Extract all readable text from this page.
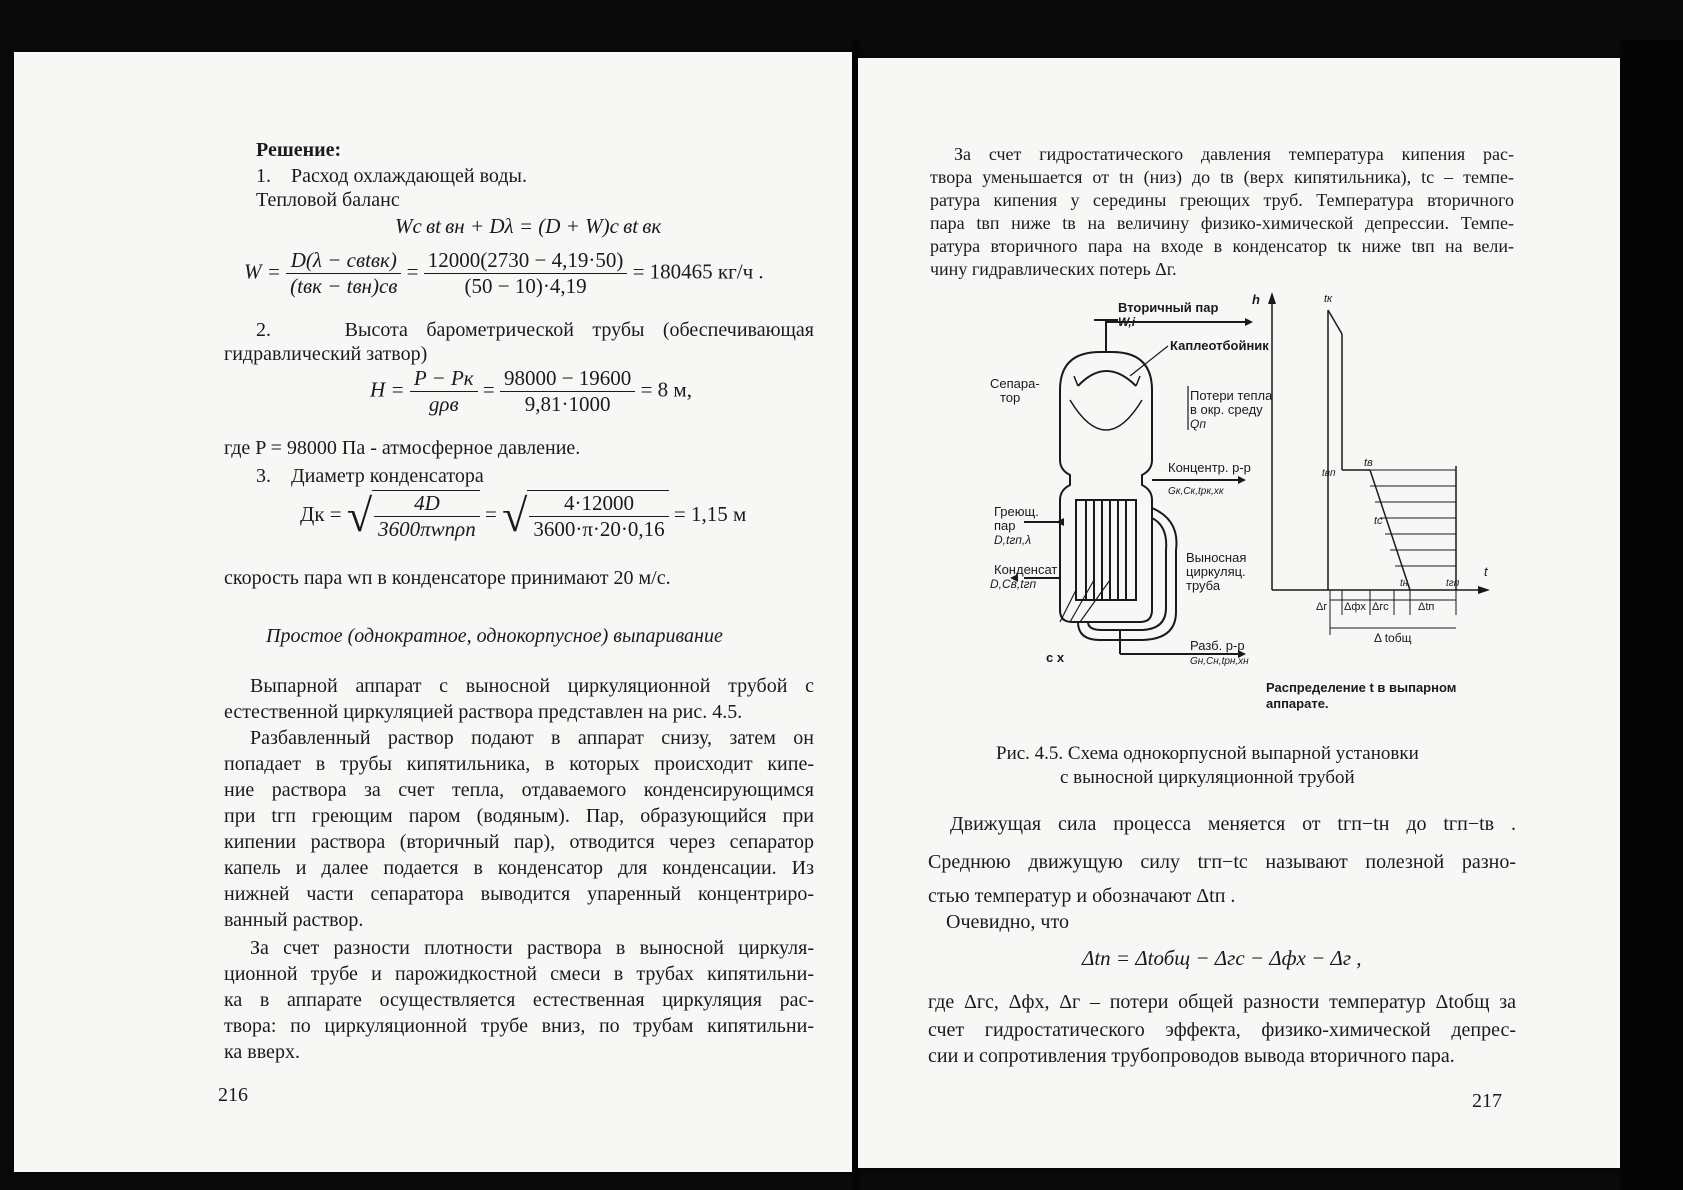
Решение:
1.    Расход охлаждающей воды.
Тепловой баланс
Wc вt вн + Dλ = (D + W)c вt вк
$W = \frac{\text{D(λ − cвtвк)}}{\text{(tвк − tвн)cв}} = \frac{12000(2730 - 4,19\cdot 50)}{(50 - 10)\cdot 4,19} = 180465$ кг/ч .
2.    Высота барометрической трубы (обеспечивающая
гидравлический затвор)
$H = \frac{P - Pк}{\text{gρв}} = \frac{98000 - 19600}{9,81\cdot 1000} = 8$ м,
где P = 98000 Па - атмосферное давление.
3.    Диаметр конденсатора
Дк = √ $\frac{4D}{\text{3600πwпρп}}$ = √ $\frac{4\cdot 12000}{3600\cdot\pi\cdot 20\cdot 0,16} = 1,15$ м
скорость пара wп в конденсаторе принимают 20 м/с.
Простое (однократное, однокорпусное) выпаривание
Выпарной аппарат с выносной циркуляционной трубой с
естественной циркуляцией раствора представлен на рис. 4.5.
Разбавленный раствор подают в аппарат снизу, затем он
попадает в трубы кипятильника, в которых происходит кипе-
ние раствора за счет тепла, отдаваемого конденсирующимся
при tгп греющим паром (водяным). Пар, образующийся при
кипении раствора (вторичный пар), отводится через сепаратор
капель и далее подается в конденсатор для конденсации. Из
нижней части сепаратора выводится упаренный концентриро-
ванный раствор.
За счет разности плотности раствора в выносной циркуля-
ционной трубе и парожидкостной смеси в трубах кипятильни-
ка в аппарате осуществляется естественная циркуляция рас-
твора: по циркуляционной трубе вниз, по трубам кипятильни-
ка вверх.
216
За счет гидростатического давления температура кипения рас-
твора уменьшается от tн (низ) до tв (верх кипятильника), tс – темпе-
ратура кипения у середины греющих труб. Температура вторичного
пара tвп ниже tв на величину физико-химической депрессии. Темпе-
ратура вторичного пара на входе в конденсатор tк ниже tвп на вели-
чину гидравлических потерь Δг.
Вторичный пар
W,i
Каплеотбойник
Сепара-
тор	Потери тепла
в окр. среду
Qп
Концентр. р-р
Gк,Cк,tрк,xк
Греющ.
пар
D,tгп,λ
Конденсат
D,Cв,tгп
Выносная
циркуляц.
труба
Разб. р-р
Gн,Cн,tрн,xн
с х
h
t
tк
tвп
tв
tс
tн	tгп
Δг Δфх Δгс	Δtп
Δ tобщ
Распределение t в выпарном
аппарате.
Рис. 4.5. Схема однокорпусной выпарной установки
с выносной циркуляционной трубой
Движущая сила процесса меняется от tгп−tн до tгп−tв .
Среднюю движущую силу tгп−tс называют полезной разно-
стью температур и обозначают Δtп .
Очевидно, что
Δtп = Δtобщ − Δгс − Δфх − Δг ,
где Δгс, Δфх, Δг – потери общей разности температур Δtобщ за
счет гидростатического эффекта, физико-химической депрес-
сии и сопротивления трубопроводов вывода вторичного пара.
217
